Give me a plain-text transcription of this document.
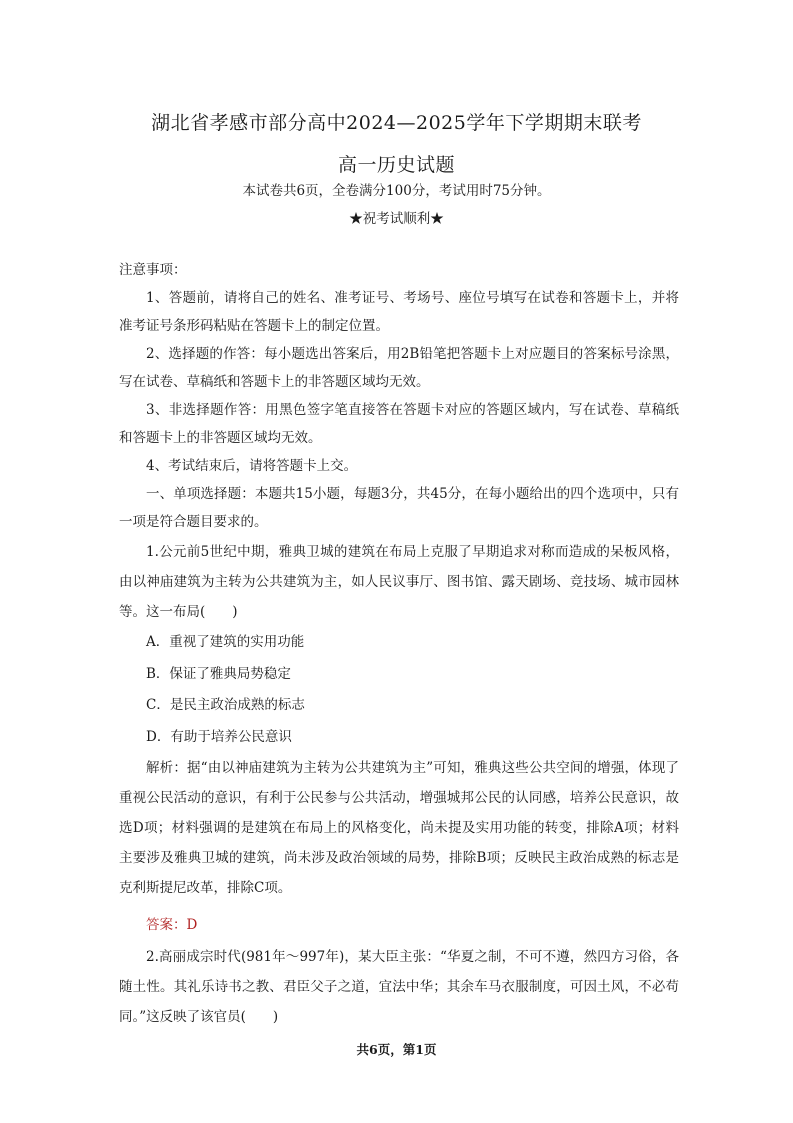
湖北省孝感市部分高中2024—2025学年下学期期末联考
高一历史试题
本试卷共6页，全卷满分100分，考试用时75分钟。
★祝考试顺利★

注意事项：

1、答题前，请将自己的姓名、准考证号、考场号、座位号填写在试卷和答题卡上，并将准考证号条形码粘贴在答题卡上的制定位置。

2、选择题的作答：每小题选出答案后，用2B铅笔把答题卡上对应题目的答案标号涂黑，写在试卷、草稿纸和答题卡上的非答题区域均无效。

3、非选择题作答：用黑色签字笔直接答在答题卡对应的答题区域内，写在试卷、草稿纸和答题卡上的非答题区域均无效。

4、考试结束后，请将答题卡上交。

一、单项选择题：本题共15小题，每题3分，共45分，在每小题给出的四个选项中，只有一项是符合题目要求的。

1.公元前5世纪中期，雅典卫城的建筑在布局上克服了早期追求对称而造成的呆板风格，由以神庙建筑为主转为公共建筑为主，如人民议事厅、图书馆、露天剧场、竞技场、城市园林等。这一布局(　　)

A．重视了建筑的实用功能

B．保证了雅典局势稳定

C．是民主政治成熟的标志

D．有助于培养公民意识

解析：据“由以神庙建筑为主转为公共建筑为主”可知，雅典这些公共空间的增强，体现了重视公民活动的意识，有利于公民参与公共活动，增强城邦公民的认同感，培养公民意识，故选D项；材料强调的是建筑在布局上的风格变化，尚未提及实用功能的转变，排除A项；材料主要涉及雅典卫城的建筑，尚未涉及政治领域的局势，排除B项；反映民主政治成熟的标志是克利斯提尼改革，排除C项。

答案：D

2.高丽成宗时代(981年～997年)，某大臣主张：“华夏之制，不可不遵，然四方习俗，各随土性。其礼乐诗书之教、君臣父子之道，宜法中华；其余车马衣服制度，可因土风，不必苟同。”这反映了该官员(　　)

共6页，第1页
